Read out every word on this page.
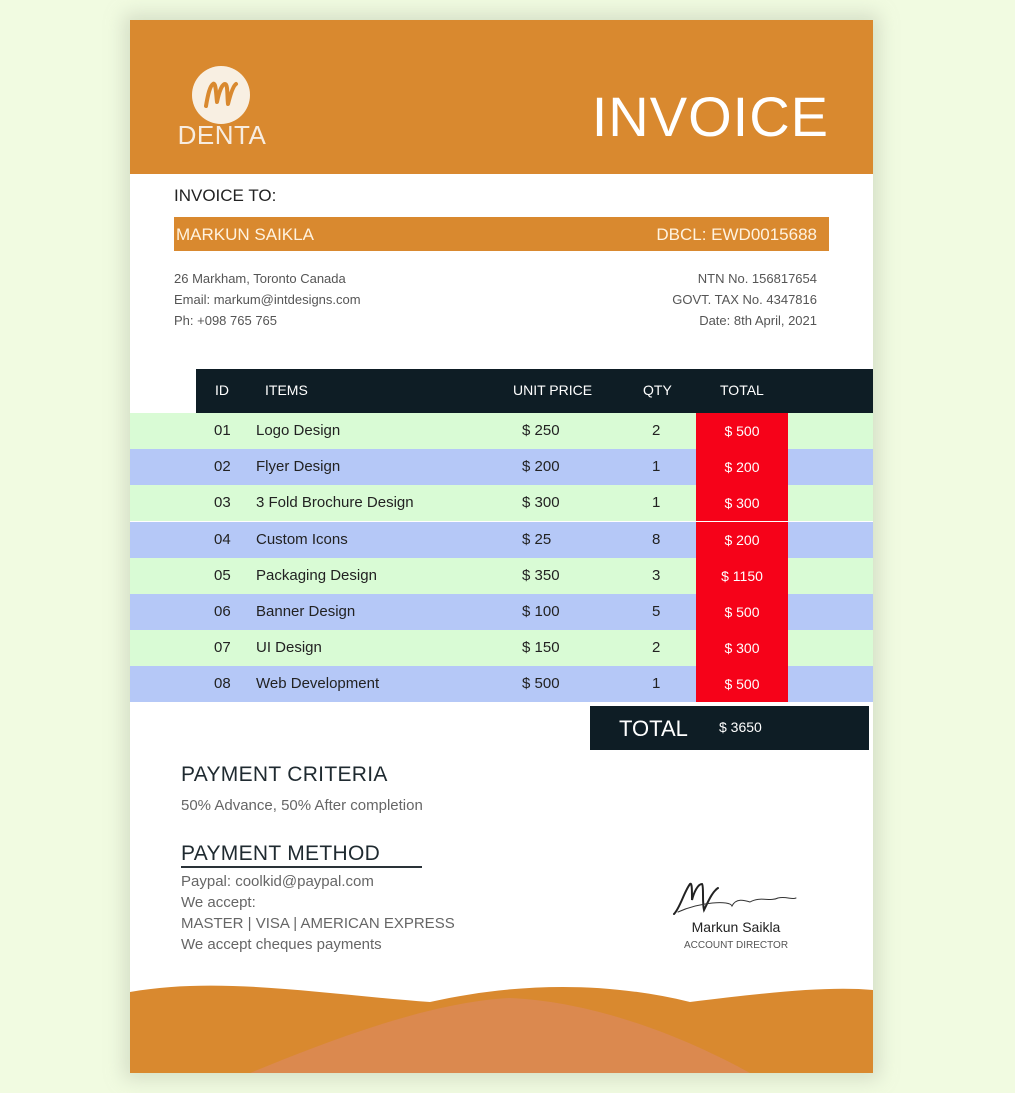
DENTA	INVOICE
INVOICE TO:
MARKUN SAIKLA	DBCL: EWD0015688
26 Markham, Toronto Canada
Email: markum@intdesigns.com
Ph: +098 765 765
NTN No. 156817654
GOVT. TAX No. 4347816
Date: 8th April, 2021
ID	ITEMS	UNIT PRICE	QTY	TOTAL
01 Logo Design	$ 250	2	$ 500
02 Flyer Design	$ 200	1	$ 200
03 3 Fold Brochure Design	$ 300	1	$ 300
04 Custom Icons	$ 25	8	$ 200
05 Packaging Design	$ 350	3	$ 1150
06 Banner Design	$ 100	5	$ 500
07 UI Design	$ 150	2	$ 300
08 Web Development	$ 500	1	$ 500
TOTAL $ 3650
PAYMENT CRITERIA
50% Advance, 50% After completion
PAYMENT METHOD
Paypal: coolkid@paypal.com
We accept:
MASTER | VISA | AMERICAN EXPRESS
We accept cheques payments
Markun Saikla
ACCOUNT DIRECTOR
